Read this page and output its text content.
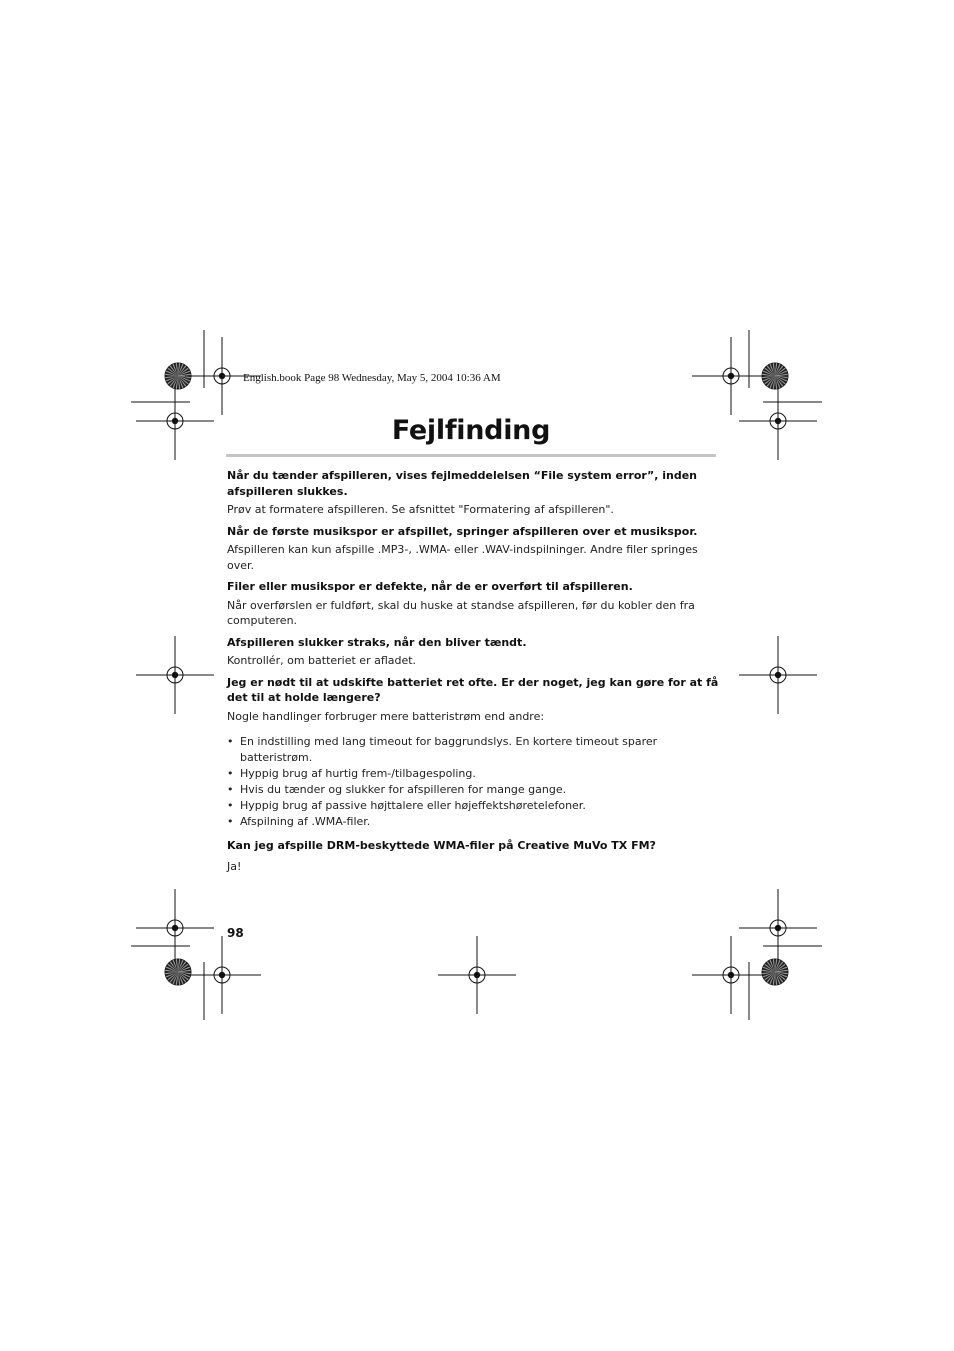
English.book Page 98 Wednesday, May 5, 2004 10:36 AM
Fejlfinding

Når du tænder afspilleren, vises fejlmeddelelsen “File system error”, inden afspilleren slukkes.

Prøv at formatere afspilleren. Se afsnittet "Formatering af afspilleren".

Når de første musikspor er afspillet, springer afspilleren over et musikspor.

Afspilleren kan kun afspille .MP3-, .WMA- eller .WAV-indspilninger. Andre filer springes over.

Filer eller musikspor er defekte, når de er overført til afspilleren.

Når overførslen er fuldført, skal du huske at standse afspilleren, før du kobler den fra computeren.

Afspilleren slukker straks, når den bliver tændt.

Kontrollér, om batteriet er afladet.

Jeg er nødt til at udskifte batteriet ret ofte. Er der noget, jeg kan gøre for at få det til at holde længere?

Nogle handlinger forbruger mere batteristrøm end andre:

• En indstilling med lang timeout for baggrundslys. En kortere timeout sparer batteristrøm.
• Hyppig brug af hurtig frem-/tilbagespoling.
• Hvis du tænder og slukker for afspilleren for mange gange.
• Hyppig brug af passive højttalere eller højeffektshøretelefoner.
• Afspilning af .WMA-filer.

Kan jeg afspille DRM-beskyttede WMA-filer på Creative MuVo TX FM?

Ja!

98
